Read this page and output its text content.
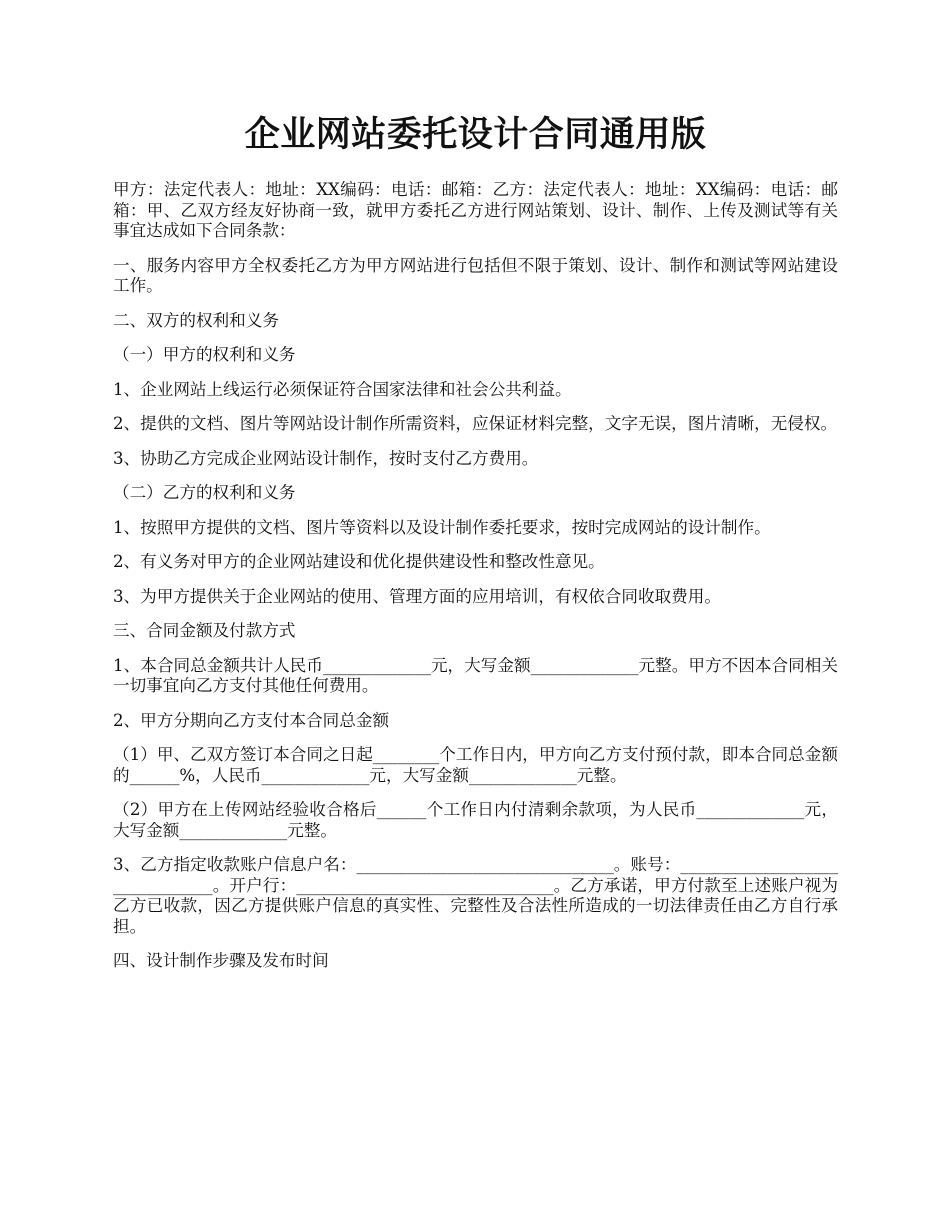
企业网站委托设计合同通用版

甲方：法定代表人：地址：XX编码：电话：邮箱：乙方：法定代表人：地址：XX编码：电话：邮箱：甲、乙双方经友好协商一致，就甲方委托乙方进行网站策划、设计、制作、上传及测试等有关事宜达成如下合同条款：

一、服务内容甲方全权委托乙方为甲方网站进行包括但不限于策划、设计、制作和测试等网站建设工作。

二、双方的权利和义务

（一）甲方的权利和义务

1、企业网站上线运行必须保证符合国家法律和社会公共利益。

2、提供的文档、图片等网站设计制作所需资料，应保证材料完整，文字无误，图片清晰，无侵权。

3、协助乙方完成企业网站设计制作，按时支付乙方费用。

（二）乙方的权利和义务

1、按照甲方提供的文档、图片等资料以及设计制作委托要求，按时完成网站的设计制作。

2、有义务对甲方的企业网站建设和优化提供建设性和整改性意见。

3、为甲方提供关于企业网站的使用、管理方面的应用培训，有权依合同收取费用。

三、合同金额及付款方式

1、本合同总金额共计人民币_____________元，大写金额_____________元整。甲方不因本合同相关一切事宜向乙方支付其他任何费用。

2、甲方分期向乙方支付本合同总金额

（1）甲、乙双方签订本合同之日起________个工作日内，甲方向乙方支付预付款，即本合同总金额的______%，人民币_____________元，大写金额_____________元整。

（2）甲方在上传网站经验收合格后______个工作日内付清剩余款项，为人民币_____________元，大写金额_____________元整。

3、乙方指定收款账户信息户名：_______________________________。账号：_______________________________。开户行：_______________________________。乙方承诺，甲方付款至上述账户视为乙方已收款，因乙方提供账户信息的真实性、完整性及合法性所造成的一切法律责任由乙方自行承担。

四、设计制作步骤及发布时间
